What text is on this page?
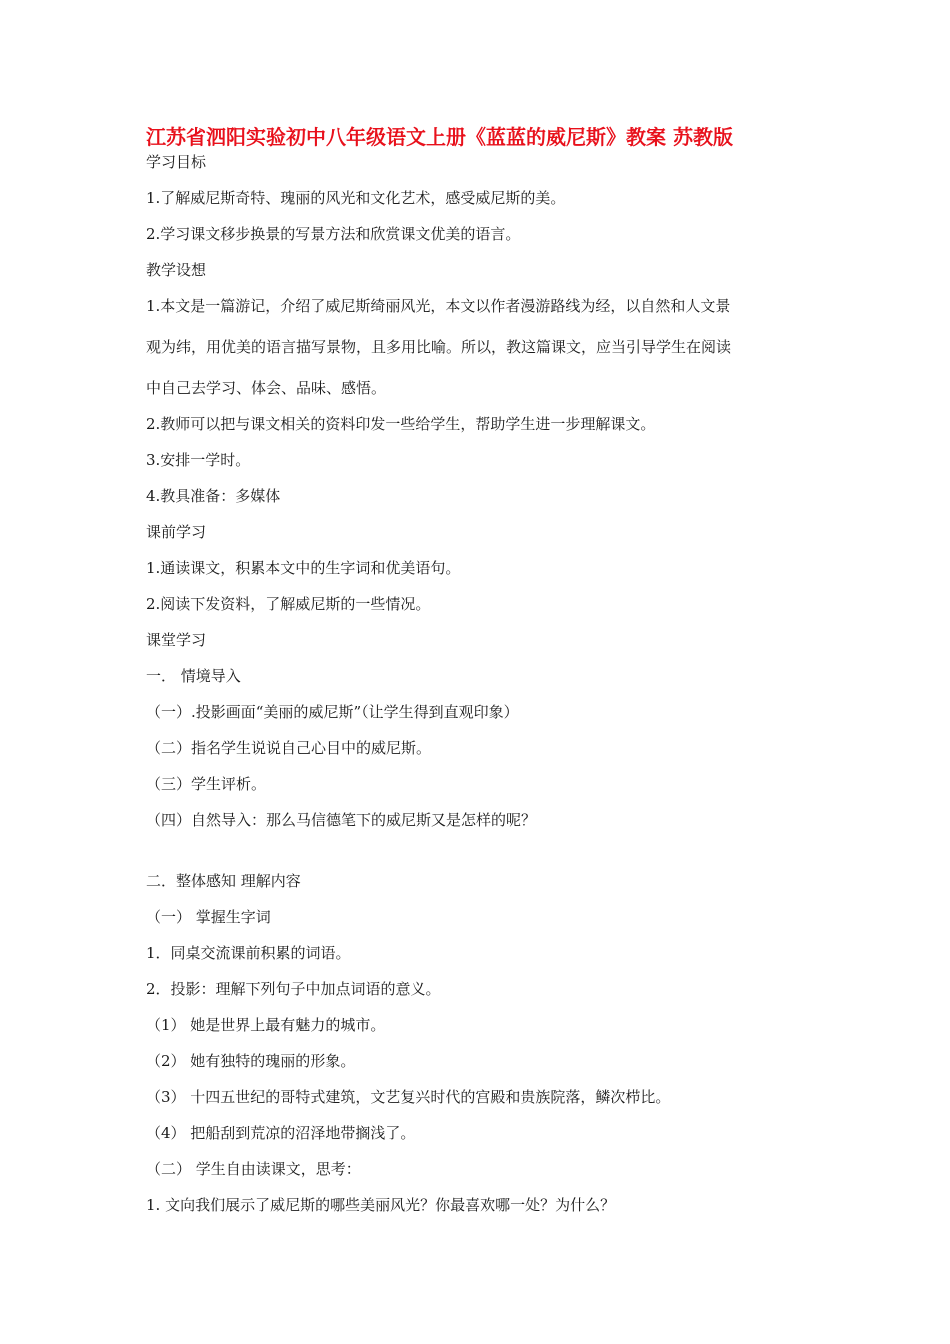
江苏省泗阳实验初中八年级语文上册《蓝蓝的威尼斯》教案 苏教版
学习目标
1.了解威尼斯奇特、瑰丽的风光和文化艺术，感受威尼斯的美。
2.学习课文移步换景的写景方法和欣赏课文优美的语言。
教学设想
1.本文是一篇游记，介绍了威尼斯绮丽风光，本文以作者漫游路线为经，以自然和人文景
观为纬，用优美的语言描写景物，且多用比喻。所以，教这篇课文，应当引导学生在阅读
中自己去学习、体会、品味、感悟。
2.教师可以把与课文相关的资料印发一些给学生，帮助学生进一步理解课文。
3.安排一学时。
4.教具准备：多媒体
课前学习
1.通读课文，积累本文中的生字词和优美语句。
2.阅读下发资料，了解威尼斯的一些情况。
课堂学习
一． 情境导入
（一）.投影画面“美丽的威尼斯”（让学生得到直观印象）
（二）指名学生说说自己心目中的威尼斯。
（三）学生评析。
（四）自然导入：那么马信德笔下的威尼斯又是怎样的呢？
二．整体感知 理解内容
（一） 掌握生字词
1．同桌交流课前积累的词语。
2．投影：理解下列句子中加点词语的意义。
（1） 她是世界上最有魅力的城市。
（2） 她有独特的瑰丽的形象。
（3） 十四五世纪的哥特式建筑，文艺复兴时代的宫殿和贵族院落，鳞次栉比。
（4） 把船刮到荒凉的沼泽地带搁浅了。
（二） 学生自由读课文，思考：
1. 文向我们展示了威尼斯的哪些美丽风光？你最喜欢哪一处？为什么？
